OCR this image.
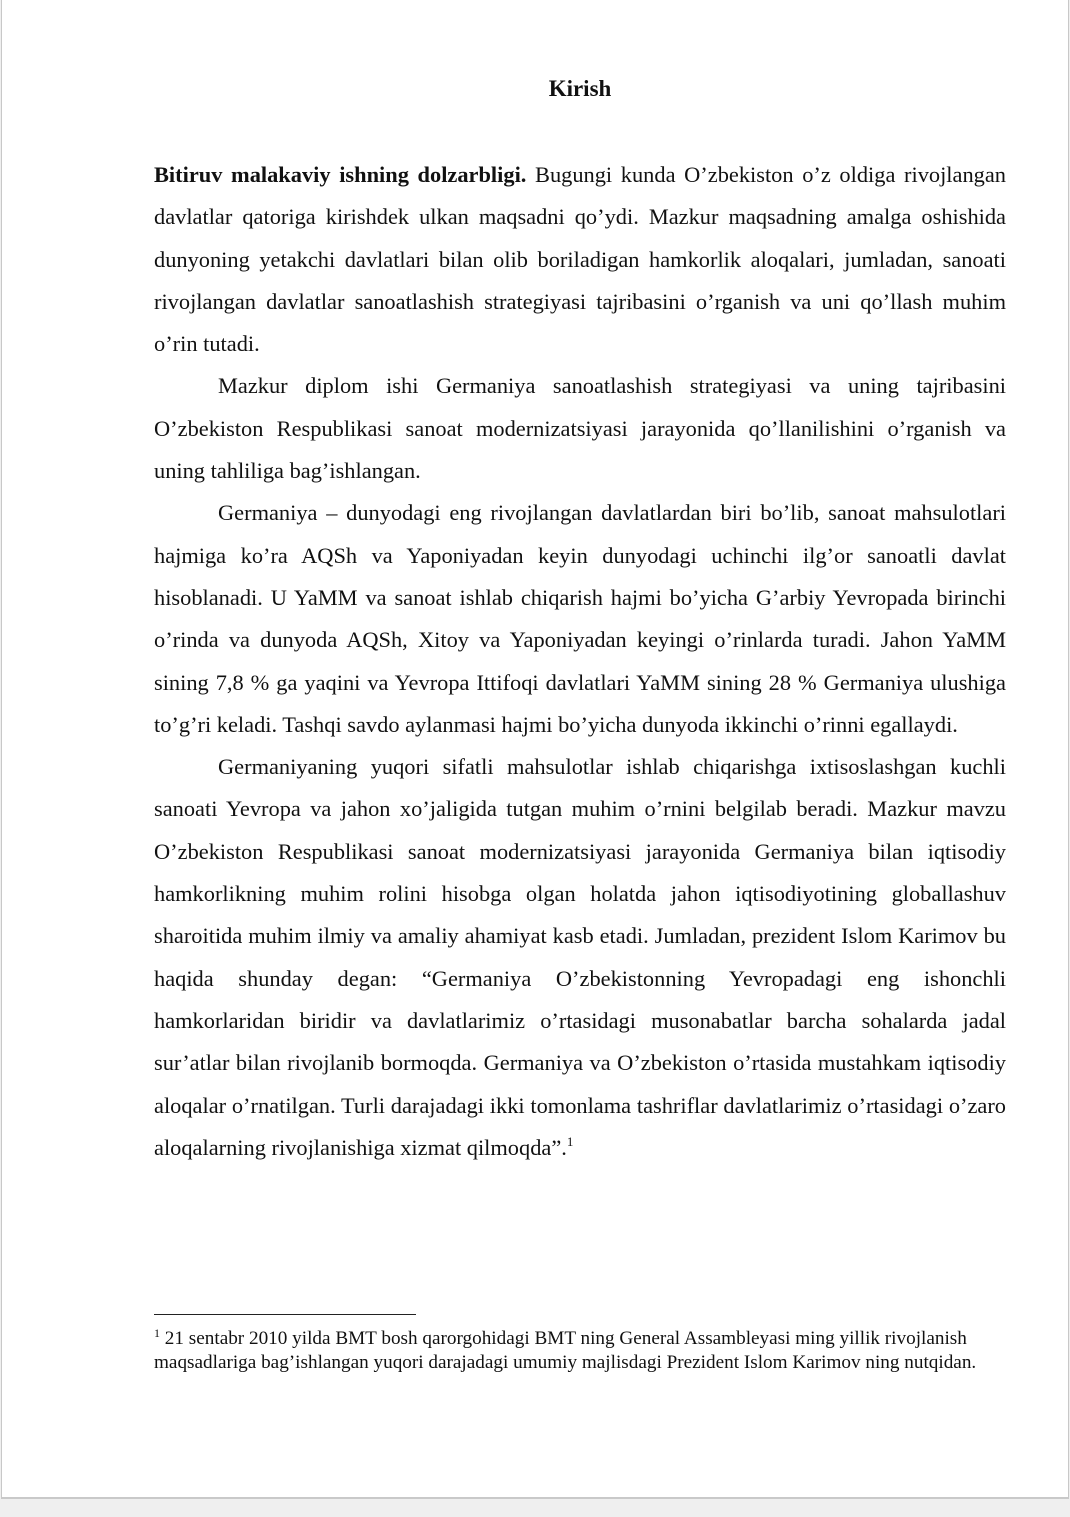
Kirish

Bitiruv malakaviy ishning dolzarbligi. Bugungi kunda O’zbekiston o’z oldiga rivojlangan davlatlar qatoriga kirishdek ulkan maqsadni qo’ydi. Mazkur maqsadning amalga oshishida dunyoning yetakchi davlatlari bilan olib boriladigan hamkorlik aloqalari, jumladan, sanoati rivojlangan davlatlar sanoatlashish strategiyasi tajribasini o’rganish va uni qo’llash muhim o’rin tutadi.

Mazkur diplom ishi Germaniya sanoatlashish strategiyasi va uning tajribasini O’zbekiston Respublikasi sanoat modernizatsiyasi jarayonida qo’llanilishini o’rganish va uning tahliliga bag’ishlangan.

Germaniya – dunyodagi eng rivojlangan davlatlardan biri bo’lib, sanoat mahsulotlari hajmiga ko’ra AQSh va Yaponiyadan keyin dunyodagi uchinchi ilg’or sanoatli davlat hisoblanadi. U YaMM va sanoat ishlab chiqarish hajmi bo’yicha G’arbiy Yevropada birinchi o’rinda va dunyoda AQSh, Xitoy va Yaponiyadan keyingi o’rinlarda turadi. Jahon YaMM sining 7,8 % ga yaqini va Yevropa Ittifoqi davlatlari YaMM sining 28 % Germaniya ulushiga to’g’ri keladi. Tashqi savdo aylanmasi hajmi bo’yicha dunyoda ikkinchi o’rinni egallaydi.

Germaniyaning yuqori sifatli mahsulotlar ishlab chiqarishga ixtisoslashgan kuchli sanoati Yevropa va jahon xo’jaligida tutgan muhim o’rnini belgilab beradi. Mazkur mavzu O’zbekiston Respublikasi sanoat modernizatsiyasi jarayonida Germaniya bilan iqtisodiy hamkorlikning muhim rolini hisobga olgan holatda jahon iqtisodiyotining globallashuv sharoitida muhim ilmiy va amaliy ahamiyat kasb etadi. Jumladan, prezident Islom Karimov bu haqida shunday degan: “Germaniya O’zbekistonning Yevropadagi eng ishonchli hamkorlaridan biridir va davlatlarimiz o’rtasidagi musonabatlar barcha sohalarda jadal sur’atlar bilan rivojlanib bormoqda. Germaniya va O’zbekiston o’rtasida mustahkam iqtisodiy aloqalar o’rnatilgan. Turli darajadagi ikki tomonlama tashriflar davlatlarimiz o’rtasidagi o’zaro aloqalarning rivojlanishiga xizmat qilmoqda”.$^1$

$^1$ 21 sentabr 2010 yilda BMT bosh qarorgohidagi BMT ning General Assambleyasi ming yillik rivojlanish maqsadlariga bag’ishlangan yuqori darajadagi umumiy majlisdagi Prezident Islom Karimov ning nutqidan.
